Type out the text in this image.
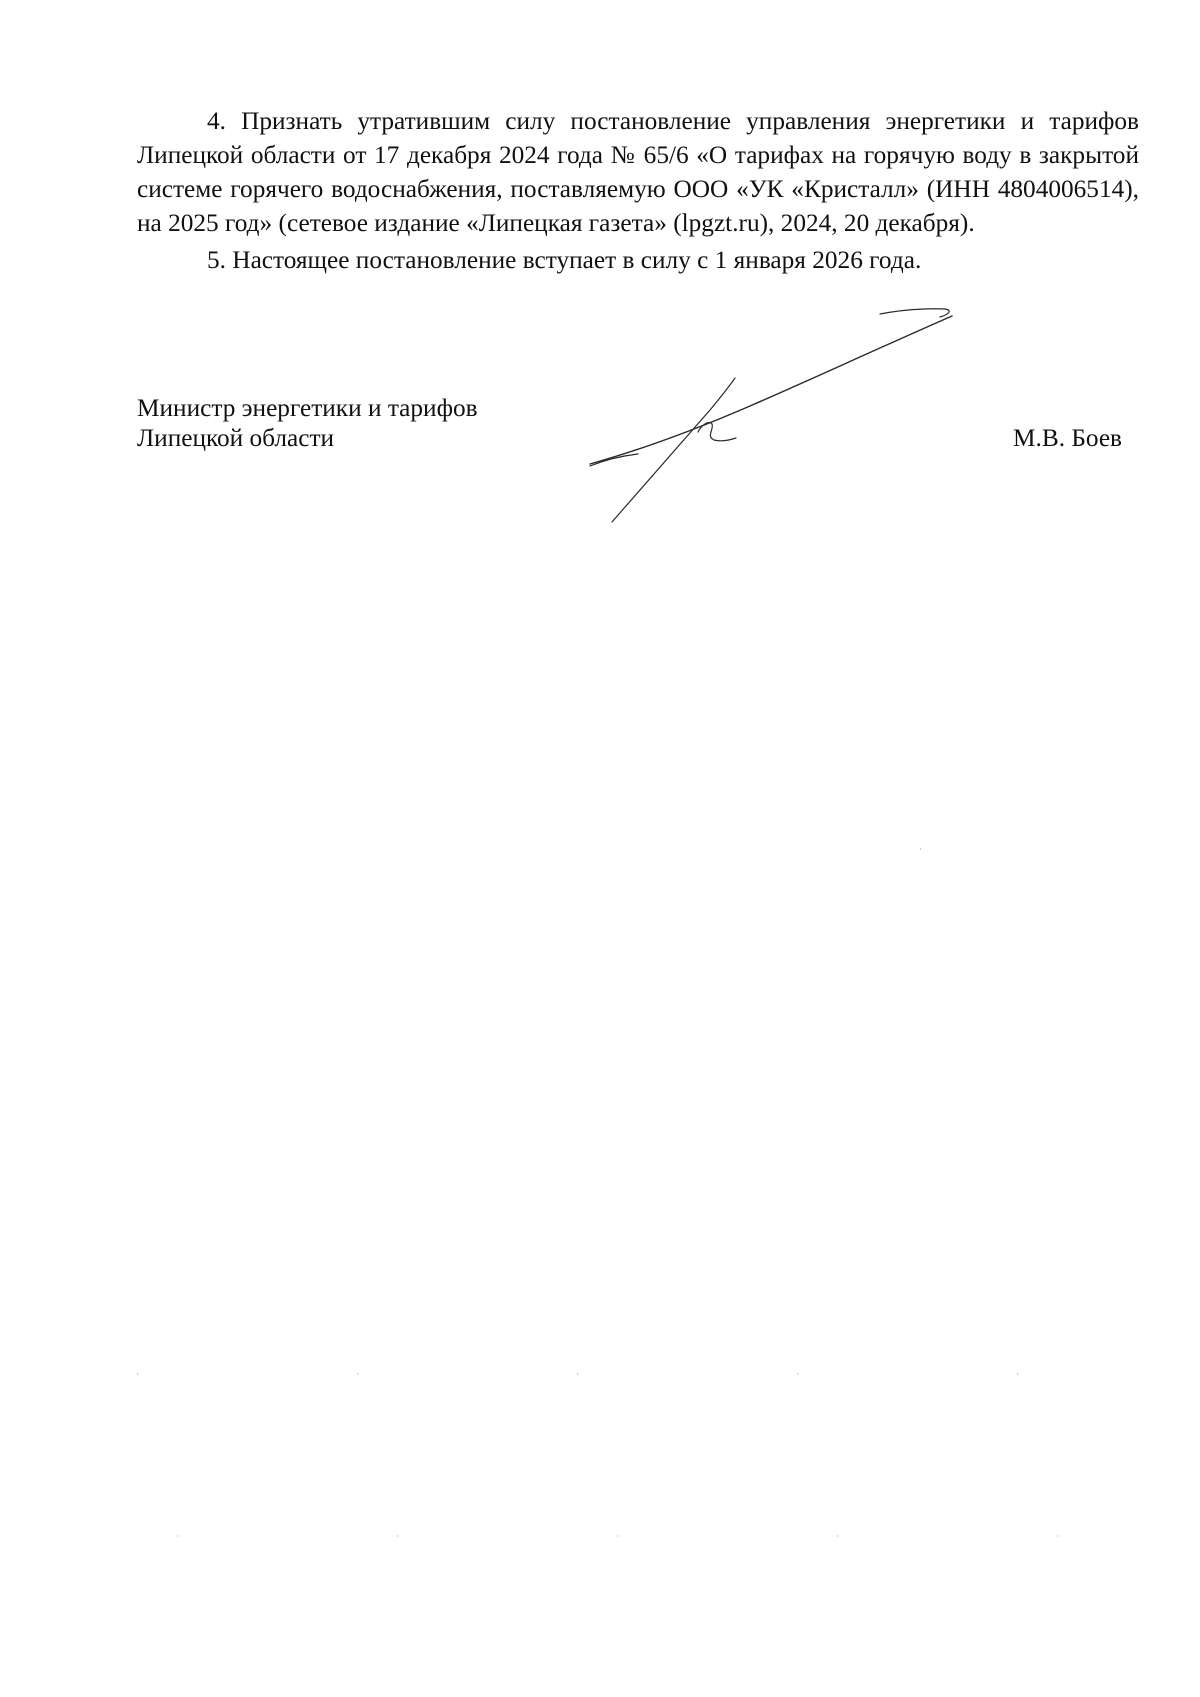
4. Признать утратившим силу постановление управления энергетики и тарифов Липецкой области от 17 декабря 2024 года № 65/6 «О тарифах на горячую воду в закрытой системе горячего водоснабжения, поставляемую ООО «УК «Кристалл» (ИНН 4804006514), на 2025 год» (сетевое издание «Липецкая газета» (lpgzt.ru), 2024, 20 декабря).

5. Настоящее постановление вступает в силу с 1 января 2026 года.

Министр энергетики и тарифов
Липецкой области	М.В. Боев
